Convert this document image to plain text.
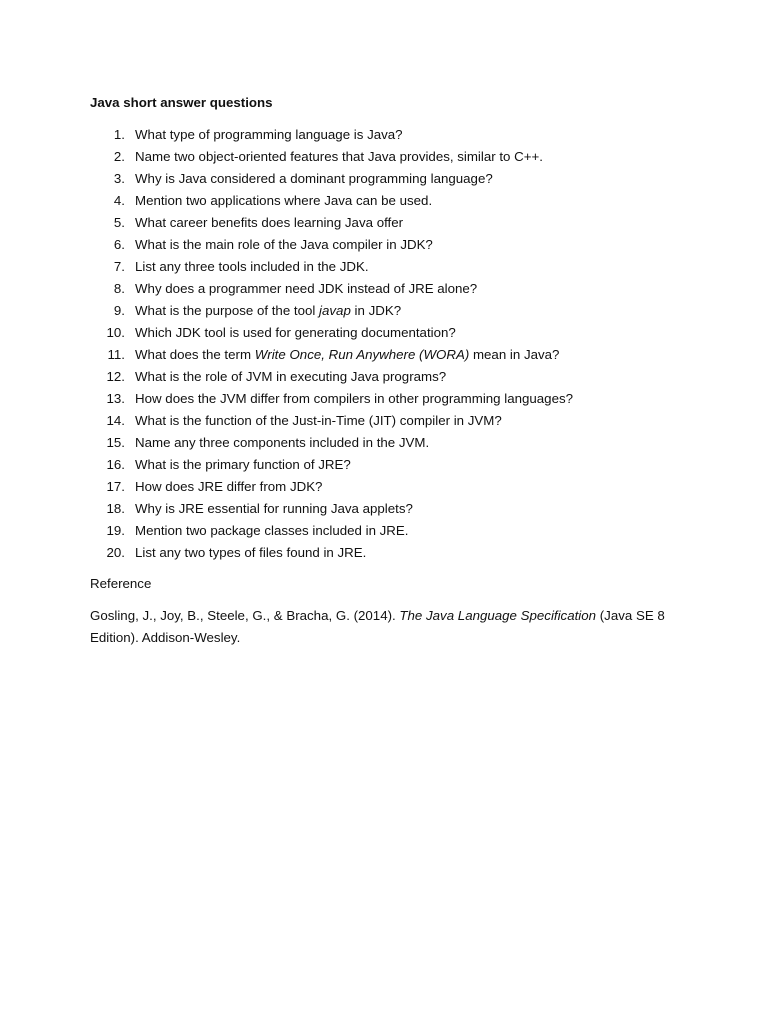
Java short answer questions
1. What type of programming language is Java?
2. Name two object-oriented features that Java provides, similar to C++.
3. Why is Java considered a dominant programming language?
4. Mention two applications where Java can be used.
5. What career benefits does learning Java offer
6. What is the main role of the Java compiler in JDK?
7. List any three tools included in the JDK.
8. Why does a programmer need JDK instead of JRE alone?
9. What is the purpose of the tool javap in JDK?
10. Which JDK tool is used for generating documentation?
11. What does the term Write Once, Run Anywhere (WORA) mean in Java?
12. What is the role of JVM in executing Java programs?
13. How does the JVM differ from compilers in other programming languages?
14. What is the function of the Just-in-Time (JIT) compiler in JVM?
15. Name any three components included in the JVM.
16. What is the primary function of JRE?
17. How does JRE differ from JDK?
18. Why is JRE essential for running Java applets?
19. Mention two package classes included in JRE.
20. List any two types of files found in JRE.
Reference
Gosling, J., Joy, B., Steele, G., & Bracha, G. (2014). The Java Language Specification (Java SE 8 Edition). Addison-Wesley.
